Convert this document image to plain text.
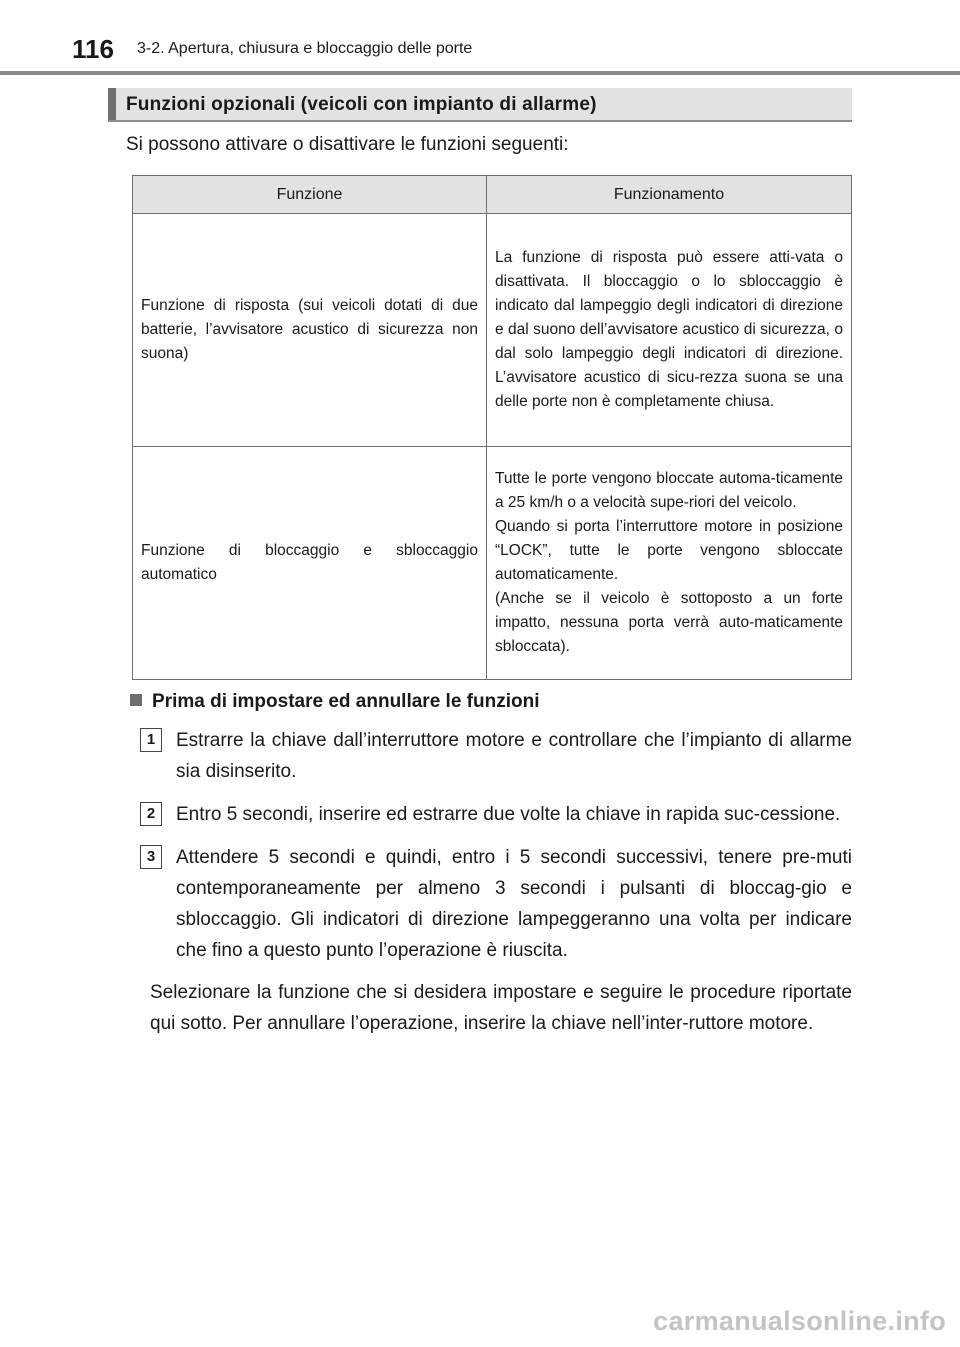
116 3-2. Apertura, chiusura e bloccaggio delle porte
Funzioni opzionali (veicoli con impianto di allarme)
Si possono attivare o disattivare le funzioni seguenti:
Funzione	Funzionamento
Funzione di risposta (sui veicoli dotati di due batterie, l’avvisatore acustico di sicurezza non suona)	La funzione di risposta può essere atti-vata o disattivata. Il bloccaggio o lo sbloccaggio è indicato dal lampeggio degli indicatori di direzione e dal suono dell’avvisatore acustico di sicurezza, o dal solo lampeggio degli indicatori di direzione. L’avvisatore acustico di sicu-rezza suona se una delle porte non è completamente chiusa.
Funzione di bloccaggio e sbloccaggio automatico	Tutte le porte vengono bloccate automa-ticamente a 25 km/h o a velocità supe-riori del veicolo.
Quando si porta l’interruttore motore in posizione “LOCK”, tutte le porte vengono sbloccate automaticamente.
(Anche se il veicolo è sottoposto a un forte impatto, nessuna porta verrà auto-maticamente sbloccata).
Prima di impostare ed annullare le funzioni
1	Estrarre la chiave dall’interruttore motore e controllare che l’impianto di allarme sia disinserito.
2	Entro 5 secondi, inserire ed estrarre due volte la chiave in rapida suc-cessione.
3	Attendere 5 secondi e quindi, entro i 5 secondi successivi, tenere pre-muti contemporaneamente per almeno 3 secondi i pulsanti di bloccag-gio e sbloccaggio. Gli indicatori di direzione lampeggeranno una volta per indicare che fino a questo punto l’operazione è riuscita.
Selezionare la funzione che si desidera impostare e seguire le procedure riportate qui sotto. Per annullare l’operazione, inserire la chiave nell’inter-ruttore motore.
carmanualsonline.info
